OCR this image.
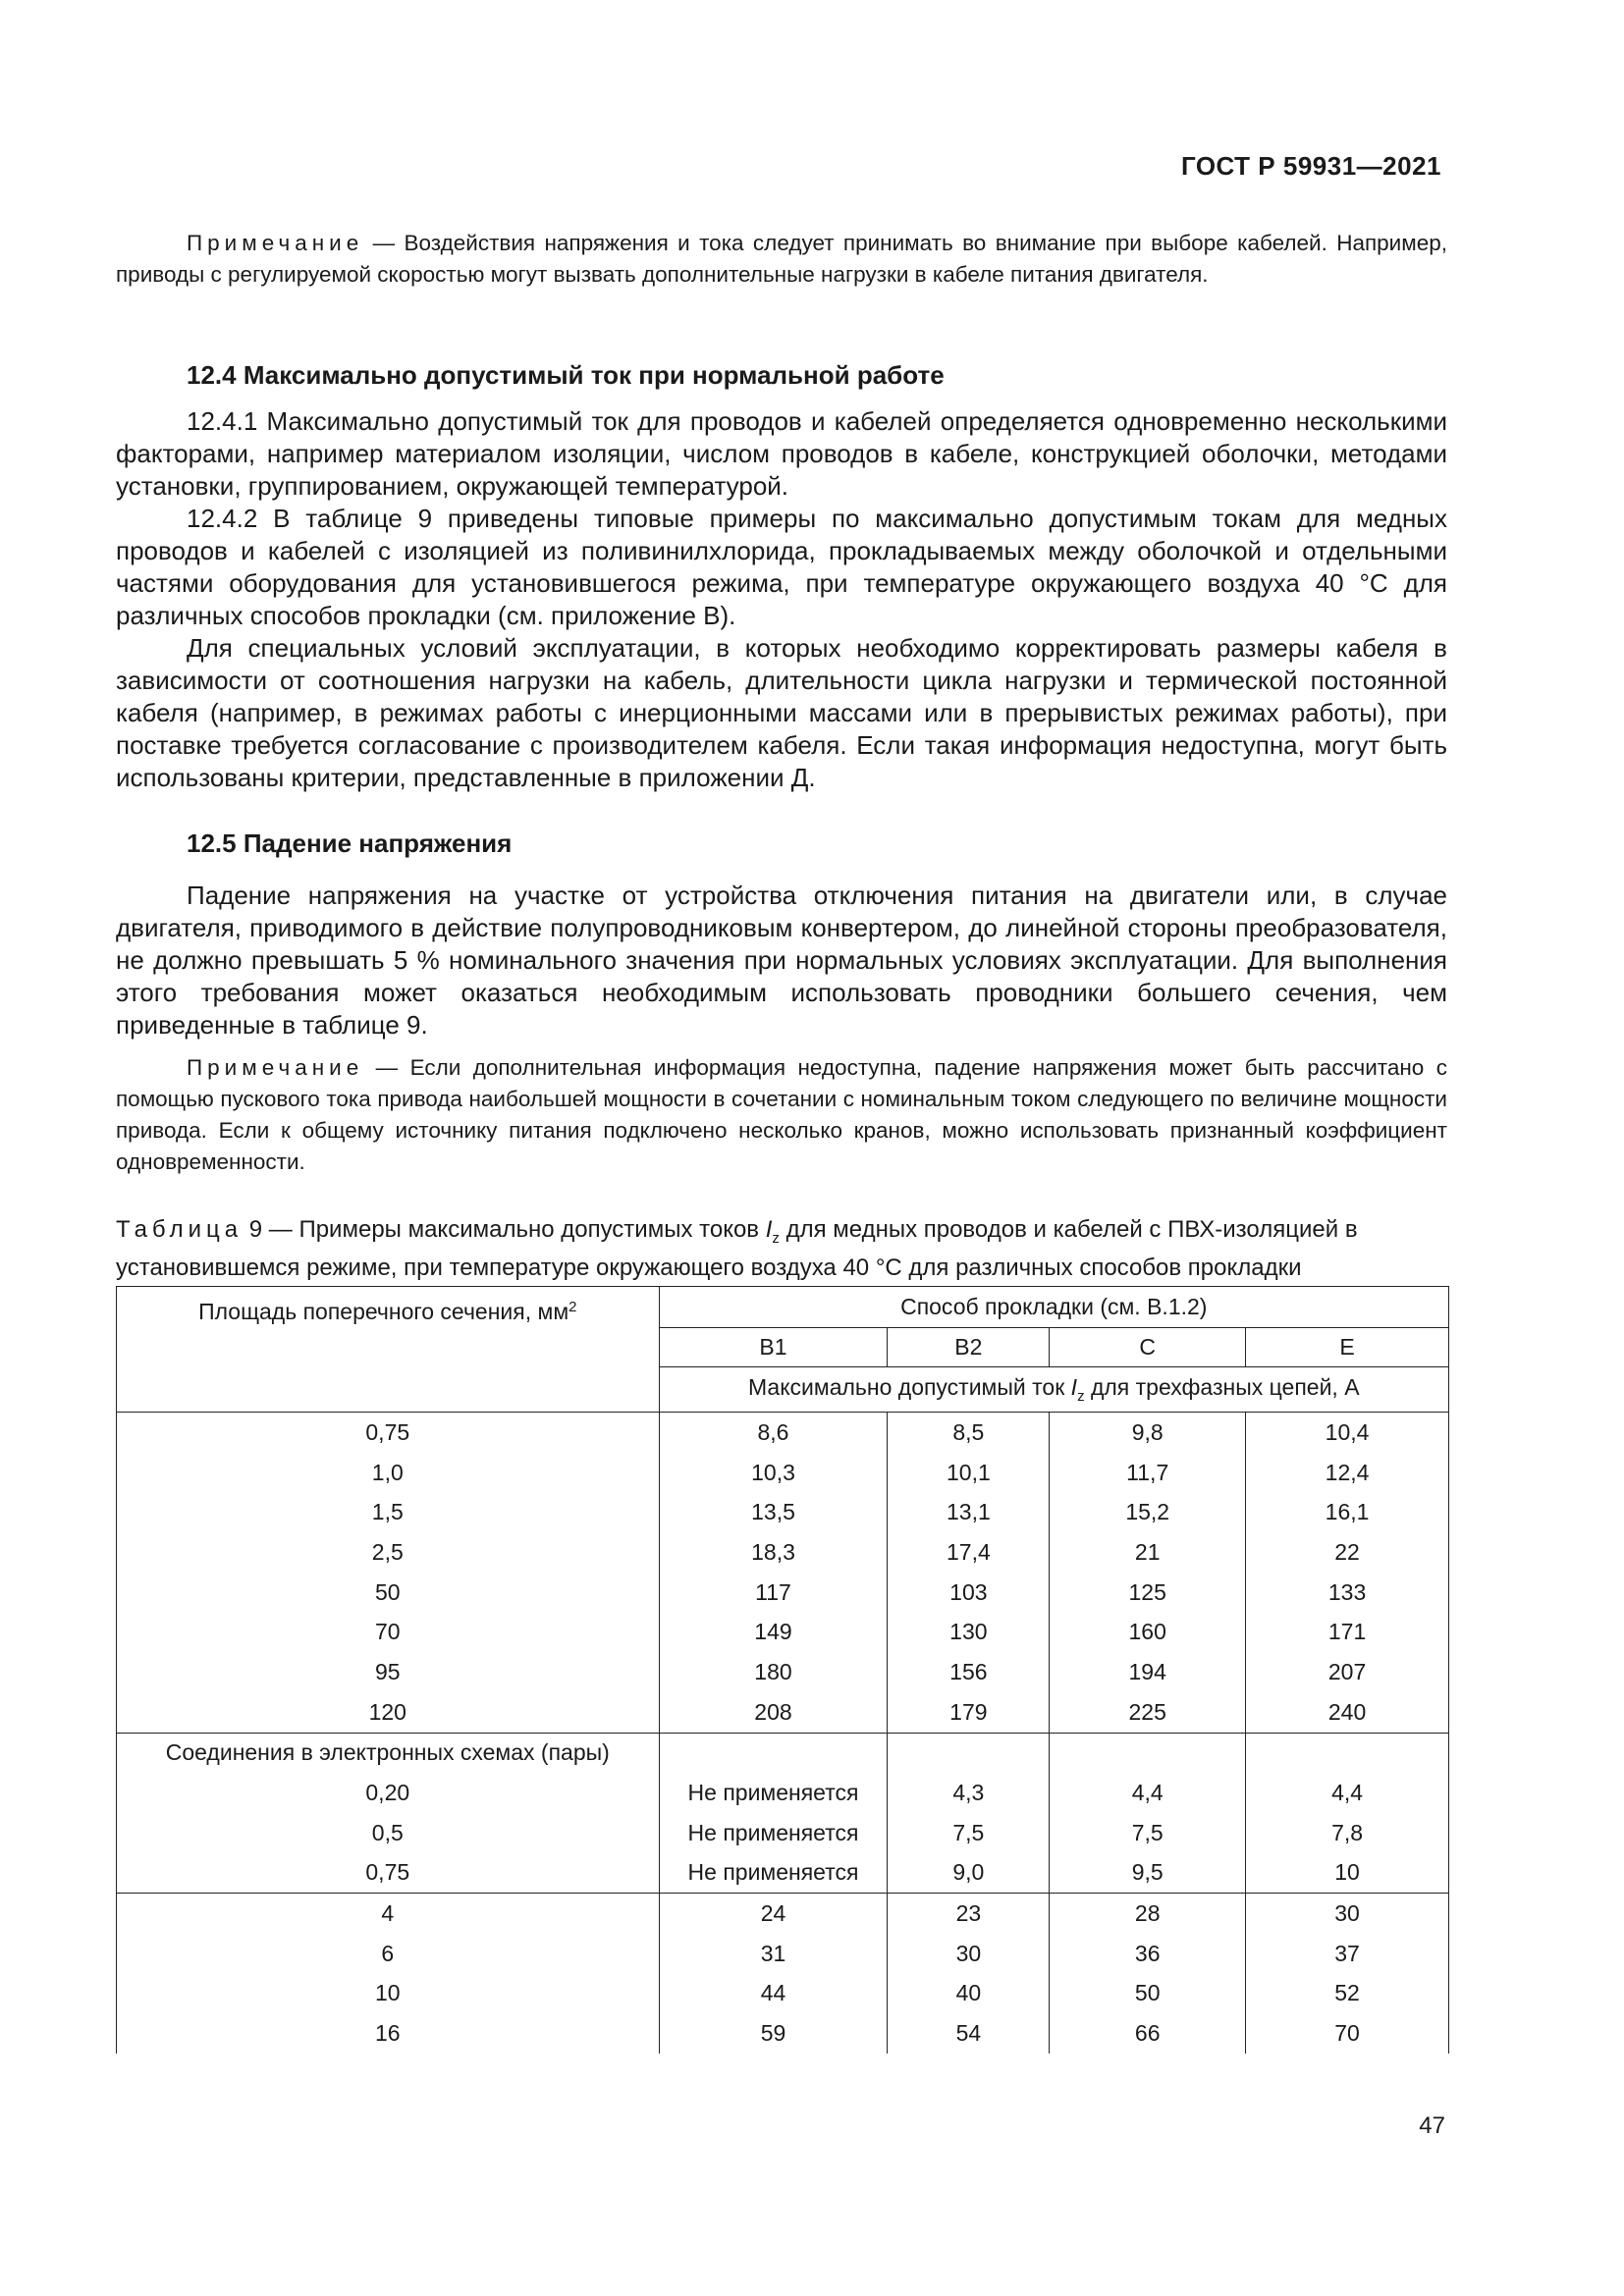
ГОСТ Р 59931—2021

Примечание — Воздействия напряжения и тока следует принимать во внимание при выборе кабелей. Например, приводы с регулируемой скоростью могут вызвать дополнительные нагрузки в кабеле питания двигателя.

12.4 Максимально допустимый ток при нормальной работе

12.4.1 Максимально допустимый ток для проводов и кабелей определяется одновременно несколькими факторами, например материалом изоляции, числом проводов в кабеле, конструкцией оболочки, методами установки, группированием, окружающей температурой.

12.4.2 В таблице 9 приведены типовые примеры по максимально допустимым токам для медных проводов и кабелей с изоляцией из поливинилхлорида, прокладываемых между оболочкой и отдельными частями оборудования для установившегося режима, при температуре окружающего воздуха 40 °C для различных способов прокладки (см. приложение В).

Для специальных условий эксплуатации, в которых необходимо корректировать размеры кабеля в зависимости от соотношения нагрузки на кабель, длительности цикла нагрузки и термической постоянной кабеля (например, в режимах работы с инерционными массами или в прерывистых режимах работы), при поставке требуется согласование с производителем кабеля. Если такая информация недоступна, могут быть использованы критерии, представленные в приложении Д.

12.5 Падение напряжения

Падение напряжения на участке от устройства отключения питания на двигатели или, в случае двигателя, приводимого в действие полупроводниковым конвертером, до линейной стороны преобразователя, не должно превышать 5 % номинального значения при нормальных условиях эксплуатации. Для выполнения этого требования может оказаться необходимым использовать проводники большего сечения, чем приведенные в таблице 9.

Примечание — Если дополнительная информация недоступна, падение напряжения может быть рассчитано с помощью пускового тока привода наибольшей мощности в сочетании с номинальным током следующего по величине мощности привода. Если к общему источнику питания подключено несколько кранов, можно использовать признанный коэффициент одновременности.

Таблица 9 — Примеры максимально допустимых токов $I_z$ для медных проводов и кабелей с ПВХ-изоляцией в установившемся режиме, при температуре окружающего воздуха 40 °C для различных способов прокладки

Площадь поперечного сечения, $мм^2$	Способ прокладки (см. В.1.2)			
	B1	B2	C	E
	Максимально допустимый ток $I_z$ для трехфазных цепей, А			
0,75	8,6	8,5	9,8	10,4
1,0	10,3	10,1	11,7	12,4
1,5	13,5	13,1	15,2	16,1
2,5	18,3	17,4	21	22
50	117	103	125	133
70	149	130	160	171
95	180	156	194	207
120	208	179	225	240
Соединения в электронных схемах (пары)				
0,20	Не применяется	4,3	4,4	4,4
0,5	Не применяется	7,5	7,5	7,8
0,75	Не применяется	9,0	9,5	10
4	24	23	28	30
6	31	30	36	37
10	44	40	50	52
16	59	54	66	70
47
